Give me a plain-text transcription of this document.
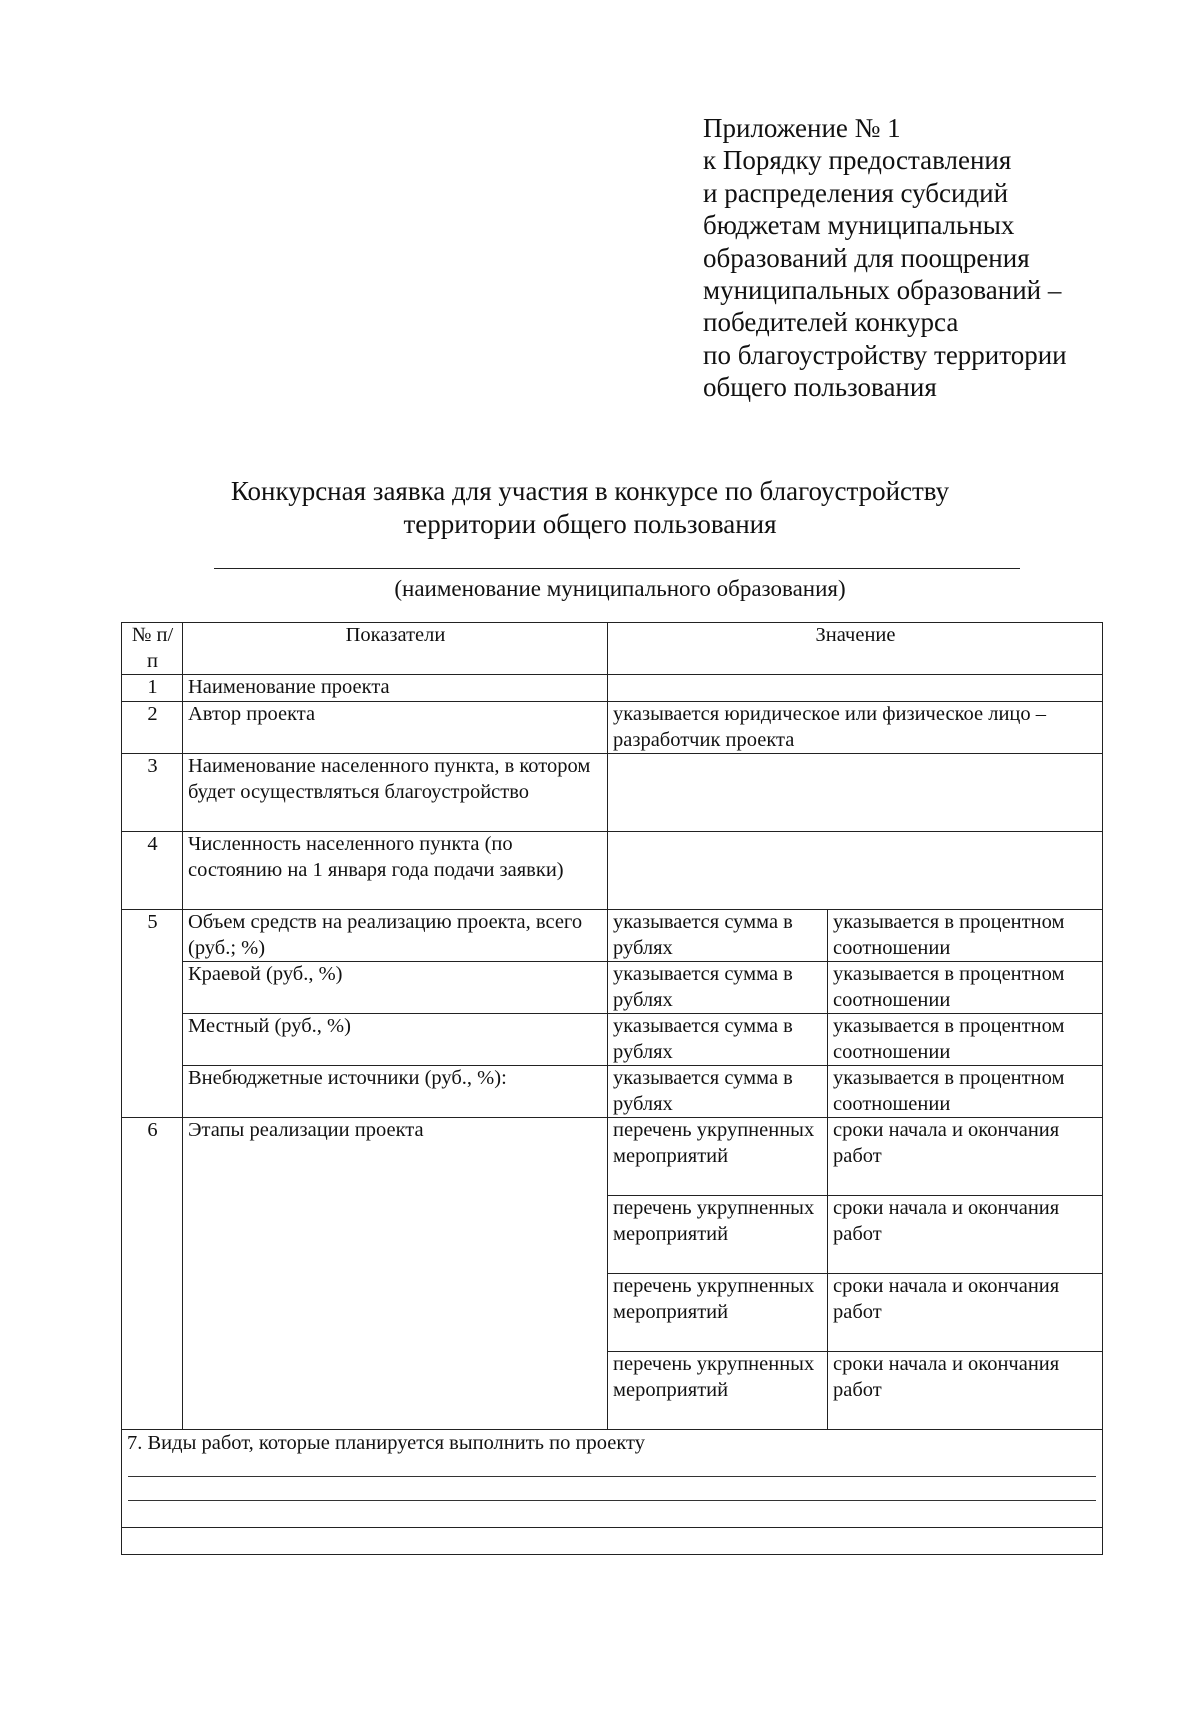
Приложение № 1
к Порядку предоставления
и распределения субсидий
бюджетам муниципальных
образований для поощрения
муниципальных образований –
победителей конкурса
по благоустройству территории
общего пользования
Конкурсная заявка для участия в конкурсе по благоустройству
территории общего пользования
(наименование муниципального образования)
№ п/п	Показатели	Значение	
1	Наименование проекта		
2	Автор проекта	указывается юридическое или физическое лицо – разработчик проекта	
3	Наименование населенного пункта, в котором будет осуществляться благоустройство		
4	Численность населенного пункта (по состоянию на 1 января года подачи заявки)		
5	Объем средств на реализацию проекта, всего (руб.; %)	указывается сумма в рублях	указывается в процентном соотношении
	Краевой (руб., %)	указывается сумма в рублях	указывается в процентном соотношении
	Местный (руб., %)	указывается сумма в рублях	указывается в процентном соотношении
	Внебюджетные источники (руб., %):	указывается сумма в рублях	указывается в процентном соотношении
6	Этапы реализации проекта	перечень укрупненных мероприятий	сроки начала и окончания работ
		перечень укрупненных мероприятий	сроки начала и окончания работ
		перечень укрупненных мероприятий	сроки начала и окончания работ
		перечень укрупненных мероприятий	сроки начала и окончания работ
7. Виды работ, которые планируется выполнить по проекту
